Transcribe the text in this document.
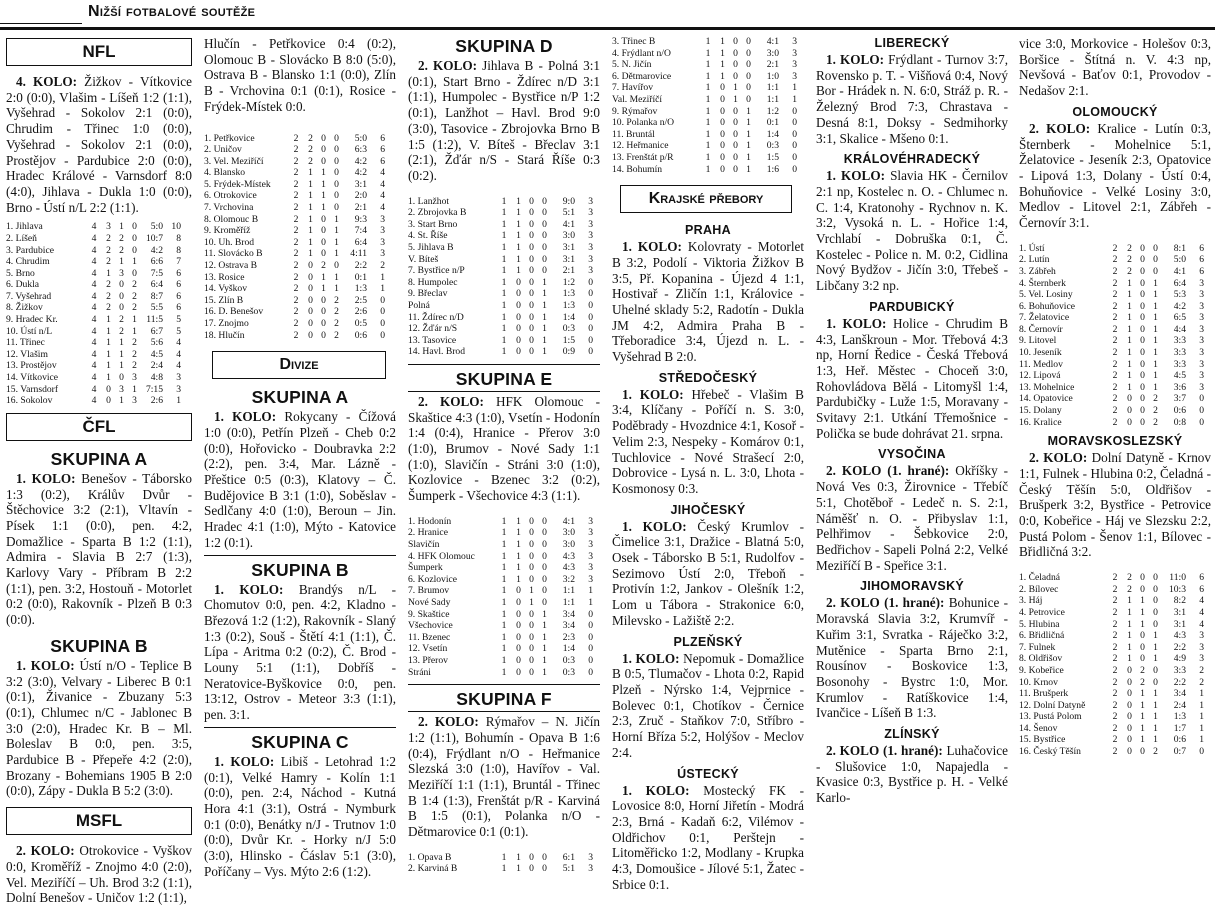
Nižší fotbalové soutěže
NFL

4. KOLO: Žižkov - Vítkovice 2:0 (0:0), Vlašim - Líšeň 1:2 (1:1), Vyšehrad - Sokolov 2:1 (0:0), Chrudim - Třinec 1:0 (0:0), Vyšehrad - Sokolov 2:1 (0:0), Prostějov - Pardubice 2:0 (0:0), Hradec Králové - Varnsdorf 8:0 (4:0), Jihlava - Dukla 1:0 (0:0), Brno - Ústí n/L 2:2 (1:1).

1. Jihlava	4	3	1	0	5:0	10
2. Líšeň	4	2	2	0	10:7	8
3. Pardubice	4	2	2	0	4:2	8
4. Chrudim	4	2	1	1	6:6	7
5. Brno	4	1	3	0	7:5	6
6. Dukla	4	2	0	2	6:4	6
7. Vyšehrad	4	2	0	2	8:7	6
8. Žižkov	4	2	0	2	5:5	6
9. Hradec Kr.	4	1	2	1	11:5	5
10. Ústí n/L	4	1	2	1	6:7	5
11. Třinec	4	1	1	2	5:6	4
12. Vlašim	4	1	1	2	4:5	4
13. Prostějov	4	1	1	2	2:4	4
14. Vítkovice	4	1	0	3	4:8	3
15. Varnsdorf	4	0	3	1	7:15	3
16. Sokolov	4	0	1	3	2:6	1
ČFL
SKUPINA A

1. KOLO: Benešov - Táborsko 1:3 (0:2), Králův Dvůr - Štěchovice 3:2 (2:1), Vltavín - Písek 1:1 (0:0), pen. 4:2, Domažlice - Sparta B 1:2 (1:1), Admira - Slavia B 2:7 (1:3), Karlovy Vary - Příbram B 2:2 (1:1), pen. 3:2, Hostouň - Motorlet 0:2 (0:0), Rakovník - Plzeň B 0:3 (0:0).

SKUPINA B

1. KOLO: Ústí n/O - Teplice B 3:2 (3:0), Velvary - Liberec B 0:1 (0:1), Živanice - Zbuzany 5:3 (0:1), Chlumec n/C - Jablonec B 3:0 (2:0), Hradec Kr. B – Ml. Boleslav B 0:0, pen. 3:5, Pardubice B - Přepeře 4:2 (2:0), Brozany - Bohemians 1905 B 2:0 (0:0), Zápy - Dukla B 5:2 (3:0).

MSFL

2. KOLO: Otrokovice - Vyškov 0:0, Kroměříž - Znojmo 4:0 (2:0), Vel. Meziříčí – Uh. Brod 3:2 (1:1), Dolní Benešov - Uničov 1:2 (1:1),

Hlučín - Petřkovice 0:4 (0:2), Olomouc B - Slovácko B 8:0 (5:0), Ostrava B - Blansko 1:1 (0:0), Zlín B - Vrchovina 0:1 (0:1), Rosice - Frýdek-Místek 0:0.

1. Petřkovice	2	2	0	0	5:0	6
2. Uničov	2	2	0	0	6:3	6
3. Vel. Meziříčí	2	2	0	0	4:2	6
4. Blansko	2	1	1	0	4:2	4
5. Frýdek-Místek	2	1	1	0	3:1	4
6. Otrokovice	2	1	1	0	2:0	4
7. Vrchovina	2	1	1	0	2:1	4
8. Olomouc B	2	1	0	1	9:3	3
9. Kroměříž	2	1	0	1	7:4	3
10. Uh. Brod	2	1	0	1	6:4	3
11. Slovácko B	2	1	0	1	4:11	3
12. Ostrava B	2	0	2	0	2:2	2
13. Rosice	2	0	1	1	0:1	1
14. Vyškov	2	0	1	1	1:3	1
15. Zlín B	2	0	0	2	2:5	0
16. D. Benešov	2	0	0	2	2:6	0
17. Znojmo	2	0	0	2	0:5	0
18. Hlučín	2	0	0	2	0:6	0
Divize
SKUPINA A

1. KOLO: Rokycany - Čížová 1:0 (0:0), Petřín Plzeň - Cheb 0:2 (0:0), Hořovicko - Doubravka 2:2 (2:2), pen. 3:4, Mar. Lázně - Přeštice 0:5 (0:3), Klatovy – Č. Budějovice B 3:1 (1:0), Soběslav - Sedlčany 4:0 (1:0), Beroun – Jin. Hradec 4:1 (1:0), Mýto - Katovice 1:2 (0:1).

SKUPINA B

1. KOLO: Brandýs n/L - Chomutov 0:0, pen. 4:2, Kladno - Březová 1:2 (1:2), Rakovník - Slaný 1:3 (0:2), Souš - Štětí 4:1 (1:1), Č. Lípa - Aritma 0:2 (0:2), Č. Brod - Louny 5:1 (1:1), Dobříš - Neratovice-Byškovice 0:0, pen. 13:12, Ostrov - Meteor 3:3 (1:1), pen. 3:1.

SKUPINA C

1. KOLO: Libiš - Letohrad 1:2 (0:1), Velké Hamry - Kolín 1:1 (0:0), pen. 2:4, Náchod - Kutná Hora 4:1 (3:1), Ostrá - Nymburk 0:1 (0:0), Benátky n/J - Trutnov 1:0 (0:0), Dvůr Kr. - Horky n/J 5:0 (3:0), Hlinsko - Čáslav 5:1 (3:0), Poříčany – Vys. Mýto 2:6 (1:2).

SKUPINA D

2. KOLO: Jihlava B - Polná 3:1 (0:1), Start Brno - Ždírec n/D 3:1 (1:1), Humpolec - Bystřice n/P 1:2 (0:1), Lanžhot – Havl. Brod 9:0 (3:0), Tasovice - Zbrojovka Brno B 1:5 (1:2), V. Bíteš - Břeclav 3:1 (2:1), Žďár n/S - Stará Říše 0:3 (0:2).

1. Lanžhot	1	1	0	0	9:0	3
2. Zbrojovka B	1	1	0	0	5:1	3
3. Start Brno	1	1	0	0	4:1	3
4. St. Říše	1	1	0	0	3:0	3
5. Jihlava B	1	1	0	0	3:1	3
V. Bíteš	1	1	0	0	3:1	3
7. Bystřice n/P	1	1	0	0	2:1	3
8. Humpolec	1	0	0	1	1:2	0
9. Břeclav	1	0	0	1	1:3	0
Polná	1	0	0	1	1:3	0
11. Ždírec n/D	1	0	0	1	1:4	0
12. Žďár n/S	1	0	0	1	0:3	0
13. Tasovice	1	0	0	1	1:5	0
14. Havl. Brod	1	0	0	1	0:9	0
SKUPINA E

2. KOLO: HFK Olomouc - Skaštice 4:3 (1:0), Vsetín - Hodonín 1:4 (0:4), Hranice - Přerov 3:0 (1:0), Brumov - Nové Sady 1:1 (1:0), Slavičín - Stráni 3:0 (1:0), Kozlovice - Bzenec 3:2 (0:2), Šumperk - Všechovice 4:3 (1:1).

1. Hodonín	1	1	0	0	4:1	3
2. Hranice	1	1	0	0	3:0	3
Slavičín	1	1	0	0	3:0	3
4. HFK Olomouc	1	1	0	0	4:3	3
Šumperk	1	1	0	0	4:3	3
6. Kozlovice	1	1	0	0	3:2	3
7. Brumov	1	0	1	0	1:1	1
Nové Sady	1	0	1	0	1:1	1
9. Skaštice	1	0	0	1	3:4	0
Všechovice	1	0	0	1	3:4	0
11. Bzenec	1	0	0	1	2:3	0
12. Vsetín	1	0	0	1	1:4	0
13. Přerov	1	0	0	1	0:3	0
Stráni	1	0	0	1	0:3	0
SKUPINA F

2. KOLO: Rýmařov – N. Jičín 1:2 (1:1), Bohumín - Opava B 1:6 (0:4), Frýdlant n/O - Heřmanice Slezská 3:0 (1:0), Havířov - Val. Meziříčí 1:1 (1:1), Bruntál - Třinec B 1:4 (1:3), Frenštát p/R - Karviná B 1:5 (0:1), Polanka n/O - Dětmarovice 0:1 (0:1).

1. Opava B	1	1	0	0	6:1	3
2. Karviná B	1	1	0	0	5:1	3
3. Třinec B	1	1	0	0	4:1	3
4. Frýdlant n/O	1	1	0	0	3:0	3
5. N. Jičín	1	1	0	0	2:1	3
6. Dětmarovice	1	1	0	0	1:0	3
7. Havířov	1	0	1	0	1:1	1
Val. Meziříčí	1	0	1	0	1:1	1
9. Rýmařov	1	0	0	1	1:2	0
10. Polanka n/O	1	0	0	1	0:1	0
11. Bruntál	1	0	0	1	1:4	0
12. Heřmanice	1	0	0	1	0:3	0
13. Frenštát p/R	1	0	0	1	1:5	0
14. Bohumín	1	0	0	1	1:6	0
Krajské přebory
PRAHA

1. KOLO: Kolovraty - Motorlet B 3:2, Podolí - Viktoria Žižkov B 3:5, Př. Kopanina - Újezd 4 1:1, Hostivař - Zličín 1:1, Královice - Uhelné sklady 5:2, Radotín - Dukla JM 4:2, Admira Praha B - Třeboradice 3:4, Újezd n. L. - Vyšehrad B 2:0.

STŘEDOČESKÝ

1. KOLO: Hřebeč - Vlašim B 3:4, Klíčany - Poříčí n. S. 3:0, Poděbrady - Hvozdnice 4:1, Kosoř - Velim 2:3, Nespeky - Komárov 0:1, Tuchlovice - Nové Strašecí 2:0, Dobrovice - Lysá n. L. 3:0, Lhota - Kosmonosy 0:3.

JIHOČESKÝ

1. KOLO: Český Krumlov - Čimelice 3:1, Dražice - Blatná 5:0, Osek - Táborsko B 5:1, Rudolfov - Sezimovo Ústí 2:0, Třeboň - Protivín 1:2, Jankov - Olešník 1:2, Lom u Tábora - Strakonice 6:0, Milevsko - Lažiště 2:2.

PLZEŇSKÝ

1. KOLO: Nepomuk - Domažlice B 0:5, Tlumačov - Lhota 0:2, Rapid Plzeň - Nýrsko 1:4, Vejprnice - Bolevec 0:1, Chotíkov - Černice 2:3, Zruč - Staňkov 7:0, Stříbro - Horní Bříza 5:2, Holýšov - Meclov 2:4.

ÚSTECKÝ

1. KOLO: Mostecký FK - Lovosice 8:0, Horní Jiřetín - Modrá 2:3, Brná - Kadaň 6:2, Vilémov - Oldřichov 0:1, Perštejn - Litoměřicko 1:2, Modlany - Krupka 4:3, Domoušice - Jílové 5:1, Žatec - Srbice 0:1.

LIBERECKÝ

1. KOLO: Frýdlant - Turnov 3:7, Rovensko p. T. - Višňová 0:4, Nový Bor - Hrádek n. N. 6:0, Stráž p. R. - Železný Brod 7:3, Chrastava - Desná 8:1, Doksy - Sedmihorky 3:1, Skalice - Mšeno 0:1.

KRÁLOVÉHRADECKÝ

1. KOLO: Slavia HK - Černilov 2:1 np, Kostelec n. O. - Chlumec n. C. 1:4, Kratonohy - Rychnov n. K. 3:2, Vysoká n. L. - Hořice 1:4, Vrchlabí - Dobruška 0:1, Č. Kostelec - Police n. M. 0:2, Cidlina Nový Bydžov - Jičín 3:0, Třebeš - Libčany 3:2 np.

PARDUBICKÝ

1. KOLO: Holice - Chrudim B 4:3, Lanškroun - Mor. Třebová 4:3 np, Horní Ředice - Česká Třebová 1:3, Heř. Městec - Choceň 3:0, Rohovládova Bělá - Litomyšl 1:4, Pardubičky - Luže 1:5, Moravany - Svitavy 2:1. Utkání Třemošnice - Polička se bude dohrávat 21. srpna.

VYSOČINA

2. KOLO (1. hrané): Okříšky - Nová Ves 0:3, Žirovnice - Třebíč 5:1, Chotěboř - Ledeč n. S. 2:1, Náměšť n. O. - Přibyslav 1:1, Pelhřimov - Šebkovice 2:0, Bedřichov - Sapeli Polná 2:2, Velké Meziříčí B - Speřice 3:1.

JIHOMORAVSKÝ

2. KOLO (1. hrané): Bohunice - Moravská Slavia 3:2, Krumvíř - Kuřim 3:1, Svratka - Ráječko 3:2, Mutěnice - Sparta Brno 2:1, Rousínov - Boskovice 1:3, Bosonohy - Bystrc 1:0, Mor. Krumlov - Ratíškovice 1:4, Ivančice - Líšeň B 1:3.

ZLÍNSKÝ

2. KOLO (1. hrané): Luhačovice - Slušovice 1:0, Napajedla - Kvasice 0:3, Bystřice p. H. - Velké Karlo-

vice 3:0, Morkovice - Holešov 0:3, Boršice - Štítná n. V. 4:3 np, Nevšová - Baťov 0:1, Provodov - Nedašov 2:1.

OLOMOUCKÝ

2. KOLO: Kralice - Lutín 0:3, Šternberk - Mohelnice 5:1, Želatovice - Jeseník 2:3, Opatovice - Lipová 1:3, Dolany - Ústí 0:4, Bohuňovice - Velké Losiny 3:0, Medlov - Litovel 2:1, Zábřeh - Černovír 3:1.

1. Ústí	2	2	0	0	8:1	6
2. Lutín	2	2	0	0	5:0	6
3. Zábřeh	2	2	0	0	4:1	6
4. Šternberk	2	1	0	1	6:4	3
5. Vel. Losiny	2	1	0	1	5:3	3
6. Bohuňovice	2	1	0	1	4:2	3
7. Želatovice	2	1	0	1	6:5	3
8. Černovír	2	1	0	1	4:4	3
9. Litovel	2	1	0	1	3:3	3
10. Jeseník	2	1	0	1	3:3	3
11. Medlov	2	1	0	1	3:3	3
12. Lipová	2	1	0	1	4:5	3
13. Mohelnice	2	1	0	1	3:6	3
14. Opatovice	2	0	0	2	3:7	0
15. Dolany	2	0	0	2	0:6	0
16. Kralice	2	0	0	2	0:8	0
MORAVSKOSLEZSKÝ

2. KOLO: Dolní Datyně - Krnov 1:1, Fulnek - Hlubina 0:2, Čeladná - Český Těšín 5:0, Oldřišov - Brušperk 3:2, Bystřice - Petrovice 0:0, Kobeřice - Háj ve Slezsku 2:2, Pustá Polom - Šenov 1:1, Bílovec - Břidličná 3:2.

1. Čeladná	2	2	0	0	11:0	6
2. Bílovec	2	2	0	0	10:3	6
3. Háj	2	1	1	0	8:2	4
4. Petrovice	2	1	1	0	3:1	4
5. Hlubina	2	1	1	0	3:1	4
6. Břidličná	2	1	0	1	4:3	3
7. Fulnek	2	1	0	1	2:2	3
8. Oldřišov	2	1	0	1	4:9	3
9. Kobeřice	2	0	2	0	3:3	2
10. Krnov	2	0	2	0	2:2	2
11. Brušperk	2	0	1	1	3:4	1
12. Dolní Datyně	2	0	1	1	2:4	1
13. Pustá Polom	2	0	1	1	1:3	1
14. Šenov	2	0	1	1	1:7	1
15. Bystřice	2	0	1	1	0:6	1
16. Český Těšín	2	0	0	2	0:7	0
